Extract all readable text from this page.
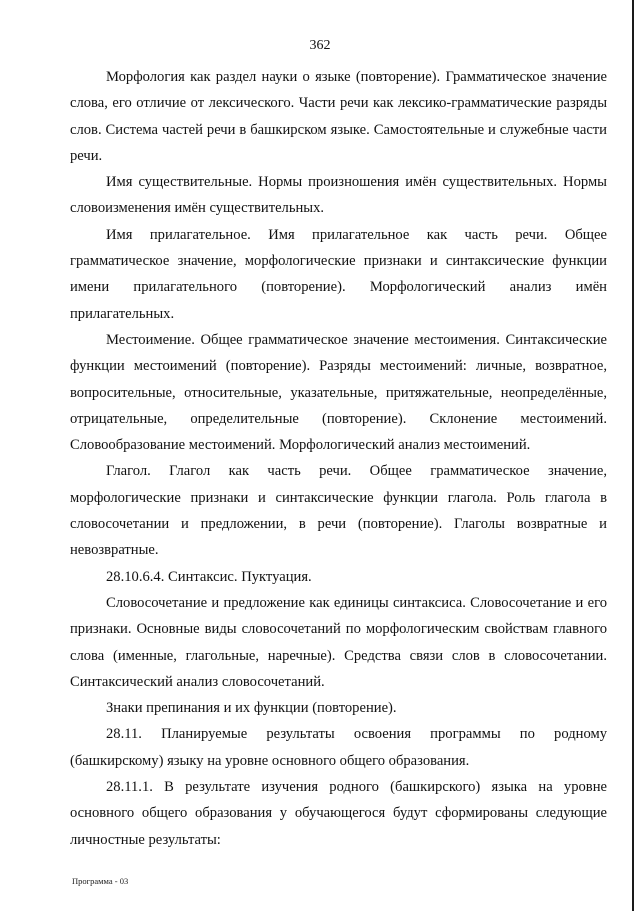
362

Морфология как раздел науки о языке (повторение). Грамматическое значение слова, его отличие от лексического. Части речи как лексико-грамматические разряды слов. Система частей речи в башкирском языке. Самостоятельные и служебные части речи.

Имя существительные. Нормы произношения имён существительных. Нормы словоизменения имён существительных.

Имя прилагательное. Имя прилагательное как часть речи. Общее грамматическое значение, морфологические признаки и синтаксические функции имени прилагательного (повторение). Морфологический анализ имён прилагательных.

Местоимение. Общее грамматическое значение местоимения. Синтаксические функции местоимений (повторение). Разряды местоимений: личные, возвратное, вопросительные, относительные, указательные, притяжательные, неопределённые, отрицательные, определительные (повторение). Склонение местоимений. Словообразование местоимений. Морфологический анализ местоимений.

Глагол. Глагол как часть речи. Общее грамматическое значение, морфологические признаки и синтаксические функции глагола. Роль глагола в словосочетании и предложении, в речи (повторение). Глаголы возвратные и невозвратные.

28.10.6.4. Синтаксис. Пуктуация.

Словосочетание и предложение как единицы синтаксиса. Словосочетание и его признаки. Основные виды словосочетаний по морфологическим свойствам главного слова (именные, глагольные, наречные). Средства связи слов в словосочетании. Синтаксический анализ словосочетаний.

Знаки препинания и их функции (повторение).

28.11. Планируемые результаты освоения программы по родному (башкирскому) языку на уровне основного общего образования.

28.11.1. В результате изучения родного (башкирского) языка на уровне основного общего образования у обучающегося будут сформированы следующие личностные результаты:

Программа - 03
